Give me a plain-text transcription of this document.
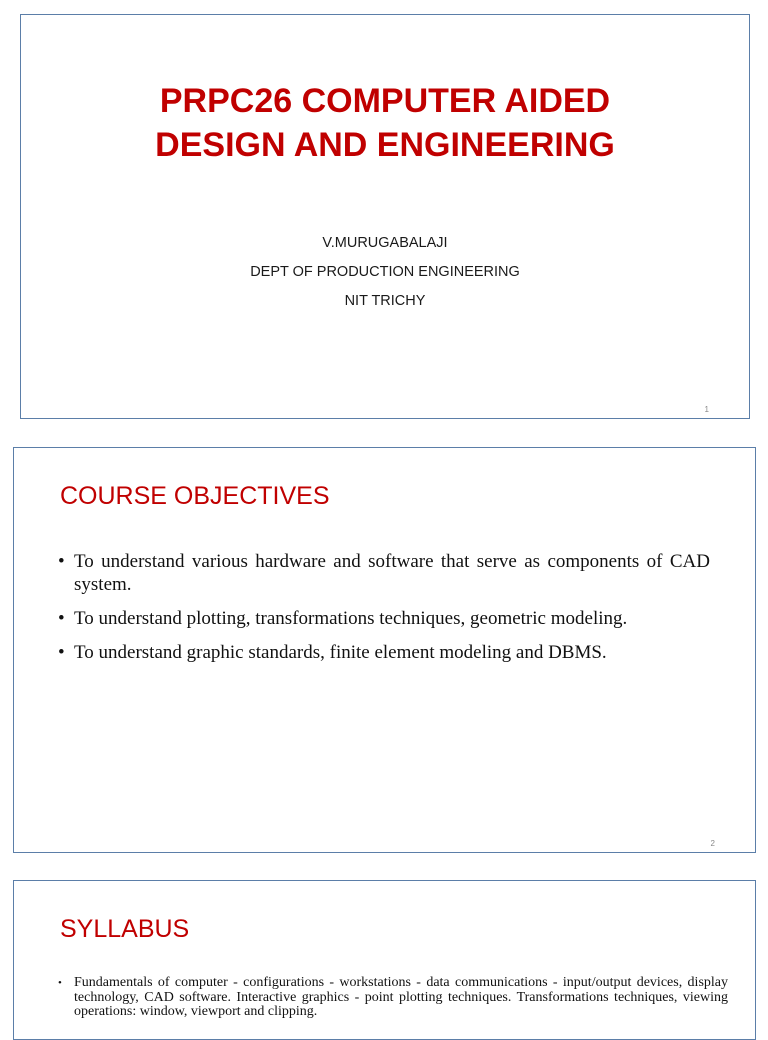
PRPC26 COMPUTER AIDED
DESIGN AND ENGINEERING
V.MURUGABALAJI
DEPT OF PRODUCTION ENGINEERING
NIT TRICHY
1
COURSE OBJECTIVES
• To understand various hardware and software that serve as components of CAD system.
• To understand plotting, transformations techniques, geometric modeling.
• To understand graphic standards, finite element modeling and DBMS.
2
SYLLABUS
• Fundamentals of computer - configurations - workstations - data communications - input/output devices, display technology, CAD software. Interactive graphics - point plotting techniques. Transformations techniques, viewing operations: window, viewport and clipping.
